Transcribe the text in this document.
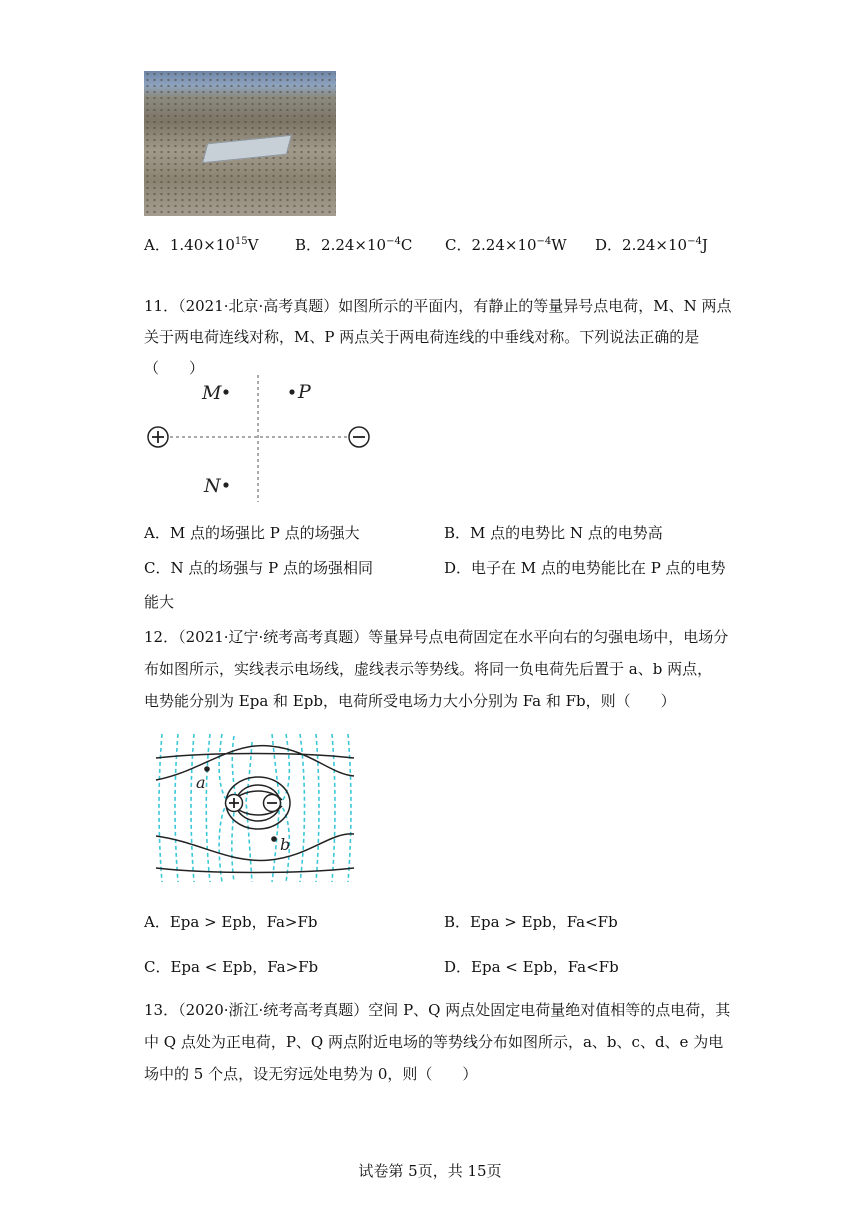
A．$1.40\times 10^{15}V$ B．$2.24\times 10^{-4}C$ C．$2.24\times 10^{-4}W$ D．$2.24\times 10^{-4}J$
11．（2021·北京·高考真题）如图所示的平面内，有静止的等量异号点电荷，M、N 两点
关于两电荷连线对称，M、P 两点关于两电荷连线的中垂线对称。下列说法正确的是
（　　）
M	P
N
A．M 点的场强比 P 点的场强大	B．M 点的电势比 N 点的电势高
C．N 点的场强与 P 点的场强相同	D．电子在 M 点的电势能比在 P 点的电势
能大
12．（2021·辽宁·统考高考真题）等量异号点电荷固定在水平向右的匀强电场中，电场分
布如图所示，实线表示电场线，虚线表示等势线。将同一负电荷先后置于 a、b 两点，
电势能分别为 Epa 和 Epb，电荷所受电场力大小分别为 Fa 和 Fb，则（　　）
a
b
A．Epa > Epb，Fa>Fb	B．Epa > Epb，Fa<Fb
C．Epa < Epb，Fa>Fb	D．Epa < Epb，Fa<Fb
13．（2020·浙江·统考高考真题）空间 P、Q 两点处固定电荷量绝对值相等的点电荷，其
中 Q 点处为正电荷，P、Q 两点附近电场的等势线分布如图所示，a、b、c、d、e 为电
场中的 5 个点，设无穷远处电势为 0，则（　　）
试卷第 5页，共 15页
